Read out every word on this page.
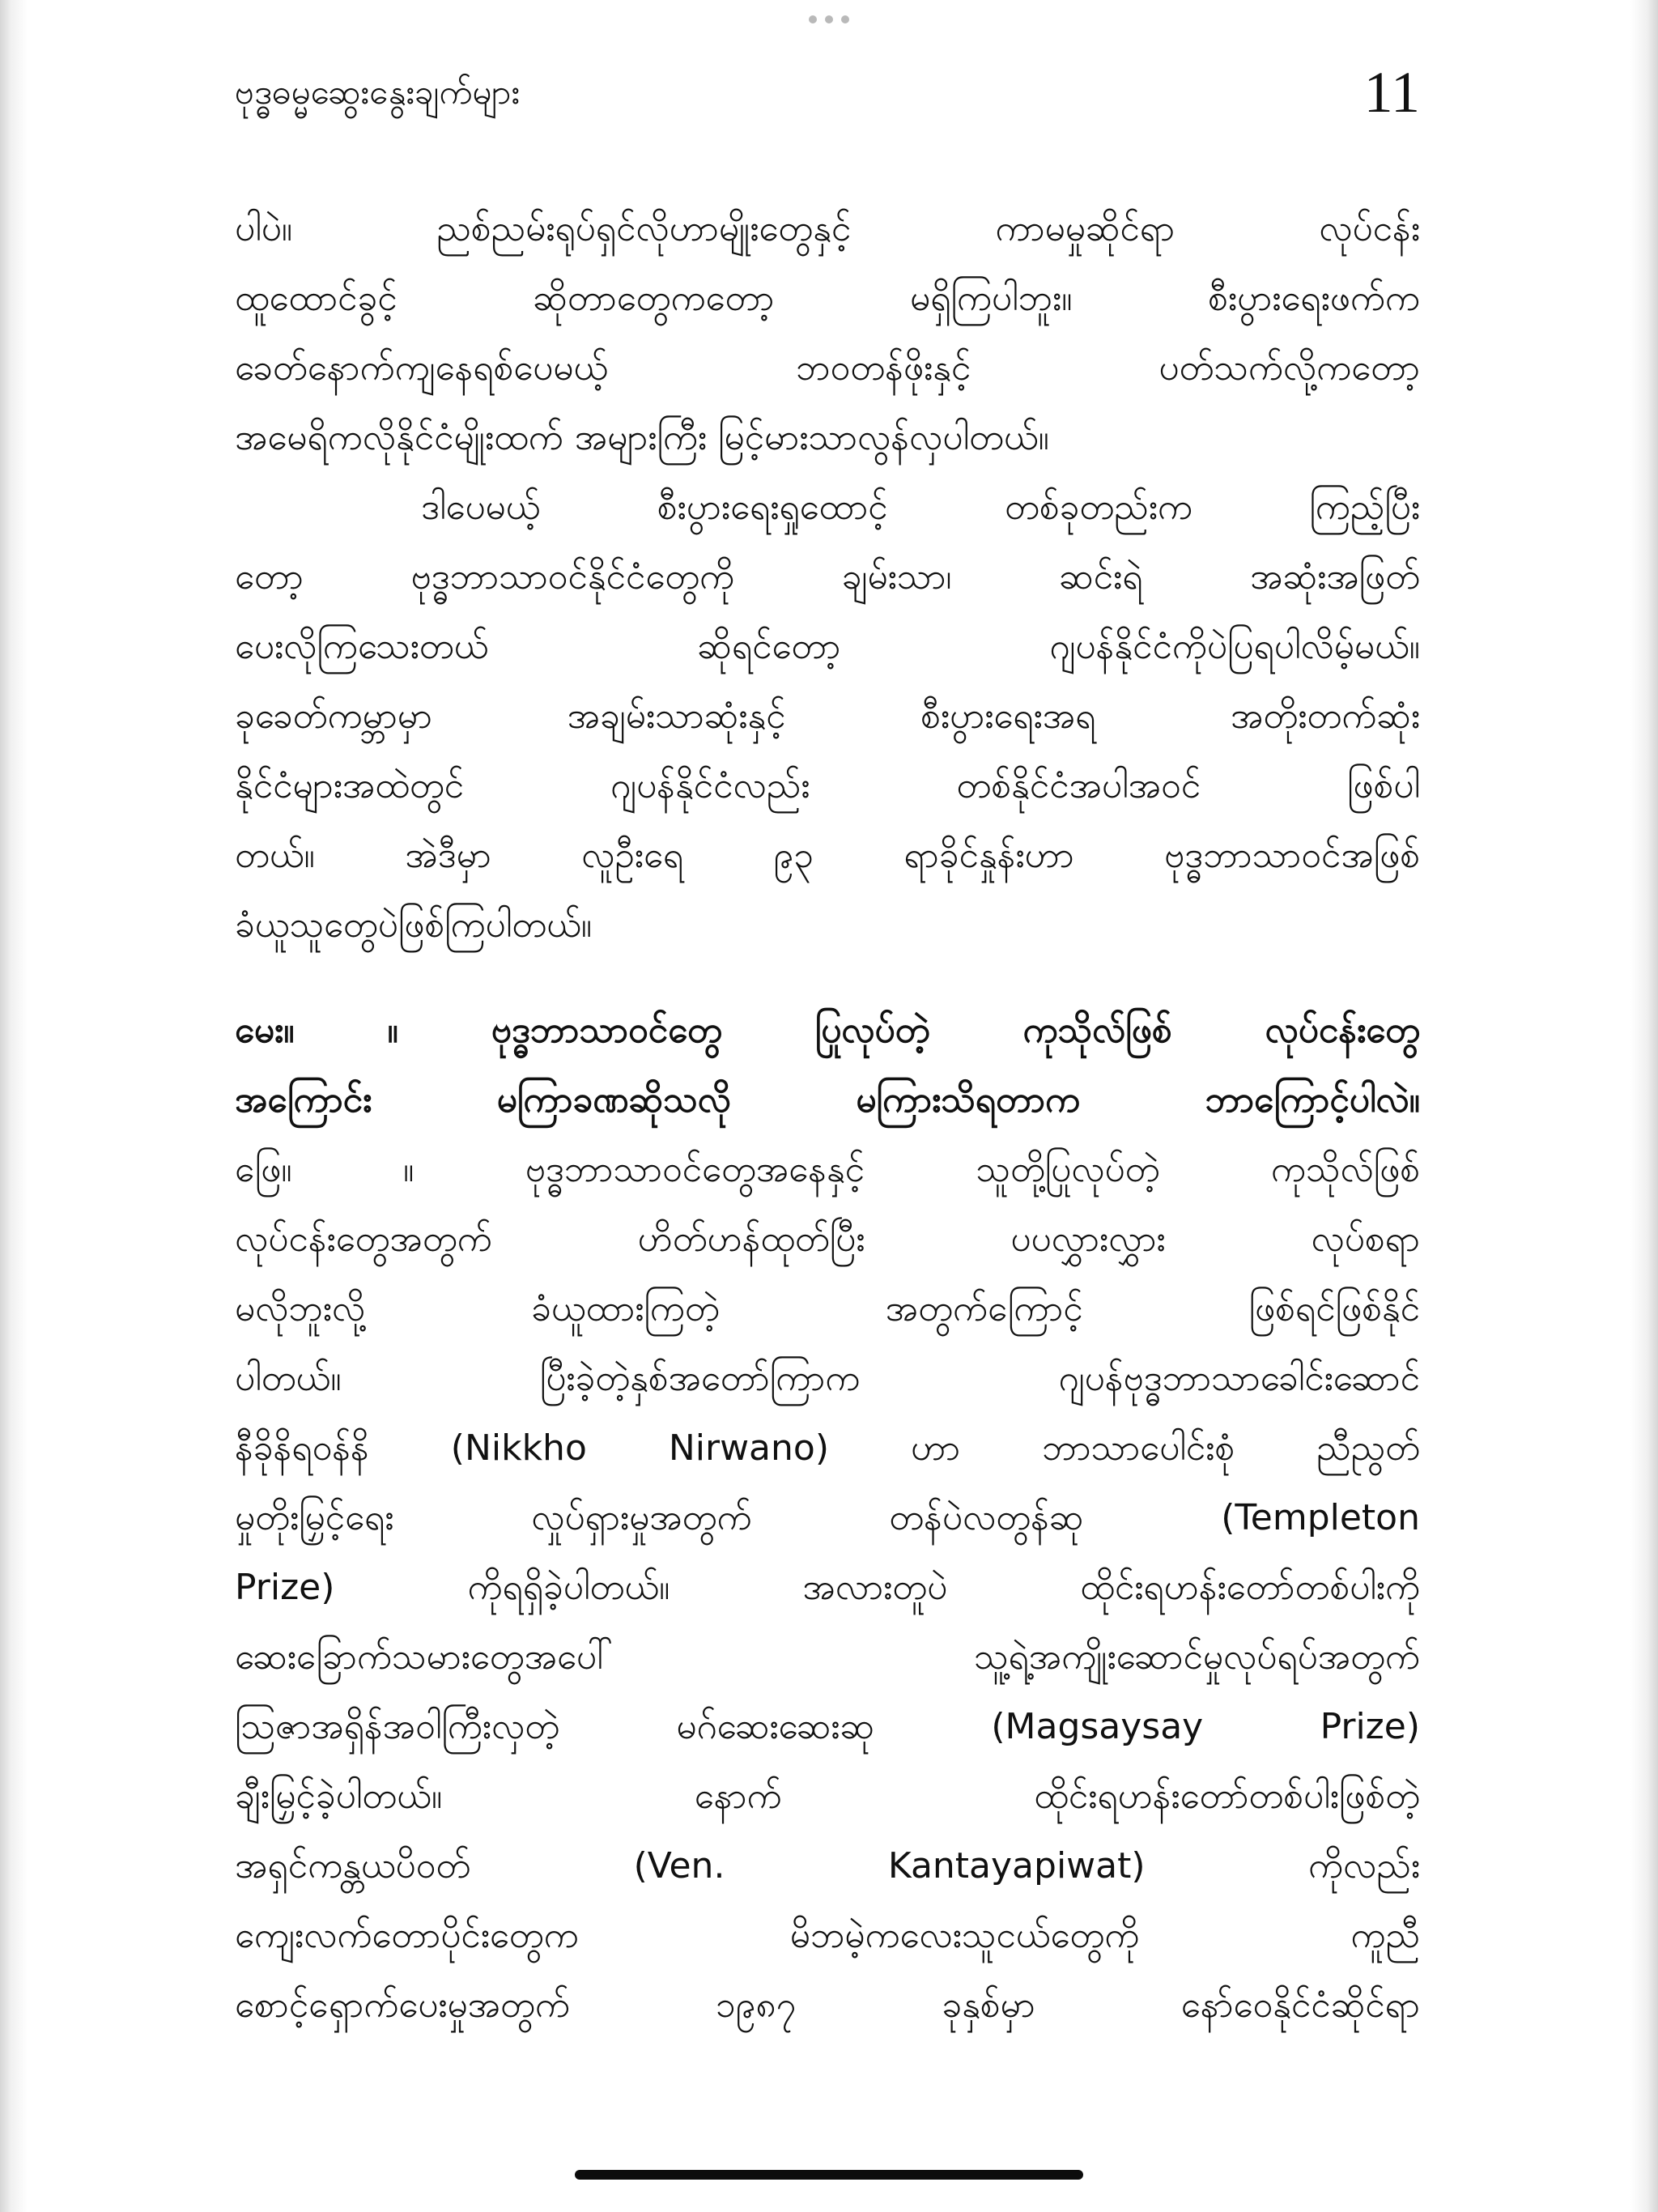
ဗုဒ္ဓဓမ္မဆွေးနွေးချက်များ	11
ပါပဲ။ ညစ်ညမ်းရုပ်ရှင်လိုဟာမျိုးတွေနှင့် ကာမမှုဆိုင်ရာ လုပ်ငန်း
ထူထောင်ခွင့် ဆိုတာတွေကတော့ မရှိကြပါဘူး။ စီးပွားရေးဖက်က
ခေတ်နောက်ကျနေရစ်ပေမယ့် ဘဝတန်ဖိုးနှင့် ပတ်သက်လို့ကတော့
အမေရိကလိုနိုင်ငံမျိုးထက် အများကြီး မြင့်မားသာလွန်လှပါတယ်။
ဒါပေမယ့် စီးပွားရေးရှုထောင့် တစ်ခုတည်းက ကြည့်ပြီး
တော့ ဗုဒ္ဓဘာသာဝင်နိုင်ငံတွေကို ချမ်းသာ၊ ဆင်းရဲ အဆုံးအဖြတ်
ပေးလိုကြသေးတယ် ဆိုရင်တော့ ဂျပန်နိုင်ငံကိုပဲပြရပါလိမ့်မယ်။
ခုခေတ်ကမ္ဘာမှာ အချမ်းသာဆုံးနှင့် စီးပွားရေးအရ အတိုးတက်ဆုံး
နိုင်ငံများအထဲတွင် ဂျပန်နိုင်ငံလည်း တစ်နိုင်ငံအပါအဝင် ဖြစ်ပါ
တယ်။ အဲဒီမှာ လူဦးရေ ၉၃ ရာခိုင်နှုန်းဟာ ဗုဒ္ဓဘာသာဝင်အဖြစ်
ခံယူသူတွေပဲဖြစ်ကြပါတယ်။
မေး။ ။ ဗုဒ္ဓဘာသာဝင်တွေ ပြုလုပ်တဲ့ ကုသိုလ်ဖြစ် လုပ်ငန်းတွေ
အကြောင်း မကြာခဏဆိုသလို မကြားသိရတာက ဘာကြောင့်ပါလဲ။
ဖြေ။ ။ ဗုဒ္ဓဘာသာဝင်တွေအနေနှင့် သူတို့ပြုလုပ်တဲ့ ကုသိုလ်ဖြစ်
လုပ်ငန်းတွေအတွက် ဟိတ်ဟန်ထုတ်ပြီး ပပလွှားလွှား လုပ်စရာ
မလိုဘူးလို့ ခံယူထားကြတဲ့ အတွက်ကြောင့် ဖြစ်ရင်ဖြစ်နိုင်
ပါတယ်။ ပြီးခဲ့တဲ့နှစ်အတော်ကြာက ဂျပန်ဗုဒ္ဓဘာသာခေါင်းဆောင်
နီခိုနိရဝန်နိ (Nikkho Nirwano) ဟာ ဘာသာပေါင်းစုံ ညီညွတ်
မှုတိုးမြှင့်ရေး လှုပ်ရှားမှုအတွက် တန်ပဲလတွန်ဆု (Templeton
Prize) ကိုရရှိခဲ့ပါတယ်။ အလားတူပဲ ထိုင်းရဟန်းတော်တစ်ပါးကို
ဆေးခြောက်သမားတွေအပေါ် သူ့ရဲ့အကျိုးဆောင်မှုလုပ်ရပ်အတွက်
ဩဇာအရှိန်အဝါကြီးလှတဲ့ မဂ်ဆေးဆေးဆု (Magsaysay Prize)
ချီးမြှင့်ခဲ့ပါတယ်။ နောက် ထိုင်းရဟန်းတော်တစ်ပါးဖြစ်တဲ့
အရှင်ကန္တယပိဝတ် (Ven. Kantayapiwat) ကိုလည်း
ကျေးလက်တောပိုင်းတွေက မိဘမဲ့ကလေးသူငယ်တွေကို ကူညီ
စောင့်ရှောက်ပေးမှုအတွက် ၁၉၈၇ ခုနှစ်မှာ နော်ဝေနိုင်ငံဆိုင်ရာ
